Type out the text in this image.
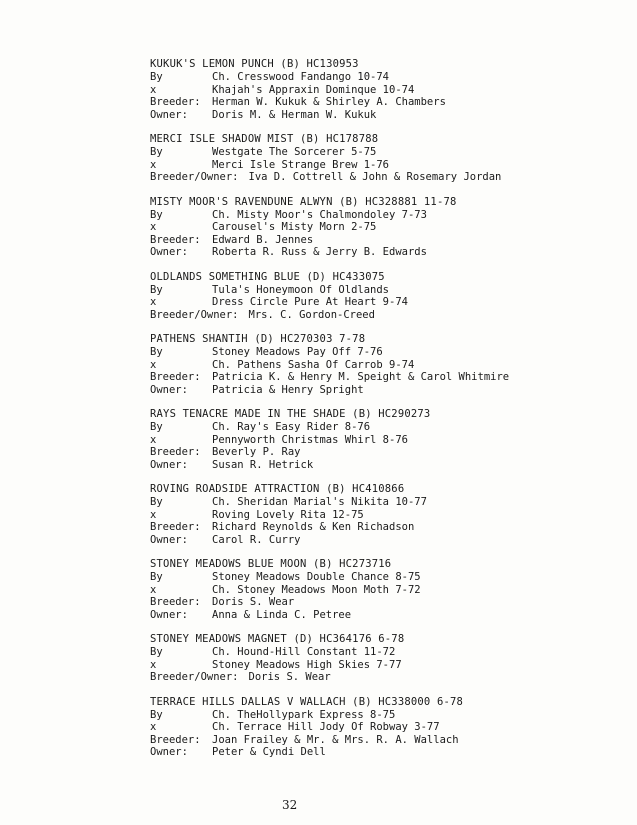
KUKUK'S LEMON PUNCH (B) HC130953
By	Ch. Cresswood Fandango 10-74
x	Khajah's Appraxin Dominque 10-74
Breeder:	Herman W. Kukuk & Shirley A. Chambers
Owner:	Doris M. & Herman W. Kukuk
MERCI ISLE SHADOW MIST (B) HC178788
By	Westgate The Sorcerer 5-75
x	Merci Isle Strange Brew 1-76
Breeder/Owner: Iva D. Cottrell & John & Rosemary Jordan
MISTY MOOR'S RAVENDUNE ALWYN (B) HC328881 11-78
By	Ch. Misty Moor's Chalmondoley 7-73
x	Carousel's Misty Morn 2-75
Breeder:	Edward B. Jennes
Owner:	Roberta R. Russ & Jerry B. Edwards
OLDLANDS SOMETHING BLUE (D) HC433075
By	Tula's Honeymoon Of Oldlands
x	Dress Circle Pure At Heart 9-74
Breeder/Owner: Mrs. C. Gordon-Creed
PATHENS SHANTIH (D) HC270303 7-78
By	Stoney Meadows Pay Off 7-76
x	Ch. Pathens Sasha Of Carrob 9-74
Breeder:	Patricia K. & Henry M. Speight & Carol Whitmire
Owner:	Patricia & Henry Spright
RAYS TENACRE MADE IN THE SHADE (B) HC290273
By	Ch. Ray's Easy Rider 8-76
x	Pennyworth Christmas Whirl 8-76
Breeder:	Beverly P. Ray
Owner:	Susan R. Hetrick
ROVING ROADSIDE ATTRACTION (B) HC410866
By	Ch. Sheridan Marial's Nikita 10-77
x	Roving Lovely Rita 12-75
Breeder:	Richard Reynolds & Ken Richadson
Owner:	Carol R. Curry
STONEY MEADOWS BLUE MOON (B) HC273716
By	Stoney Meadows Double Chance 8-75
x	Ch. Stoney Meadows Moon Moth 7-72
Breeder:	Doris S. Wear
Owner:	Anna & Linda C. Petree
STONEY MEADOWS MAGNET (D) HC364176 6-78
By	Ch. Hound-Hill Constant 11-72
x	Stoney Meadows High Skies 7-77
Breeder/Owner: Doris S. Wear
TERRACE HILLS DALLAS V WALLACH (B) HC338000 6-78
By	Ch. TheHollypark Express 8-75
x	Ch. Terrace Hill Jody Of Robway 3-77
Breeder:	Joan Frailey & Mr. & Mrs. R. A. Wallach
Owner:	Peter & Cyndi Dell
32
